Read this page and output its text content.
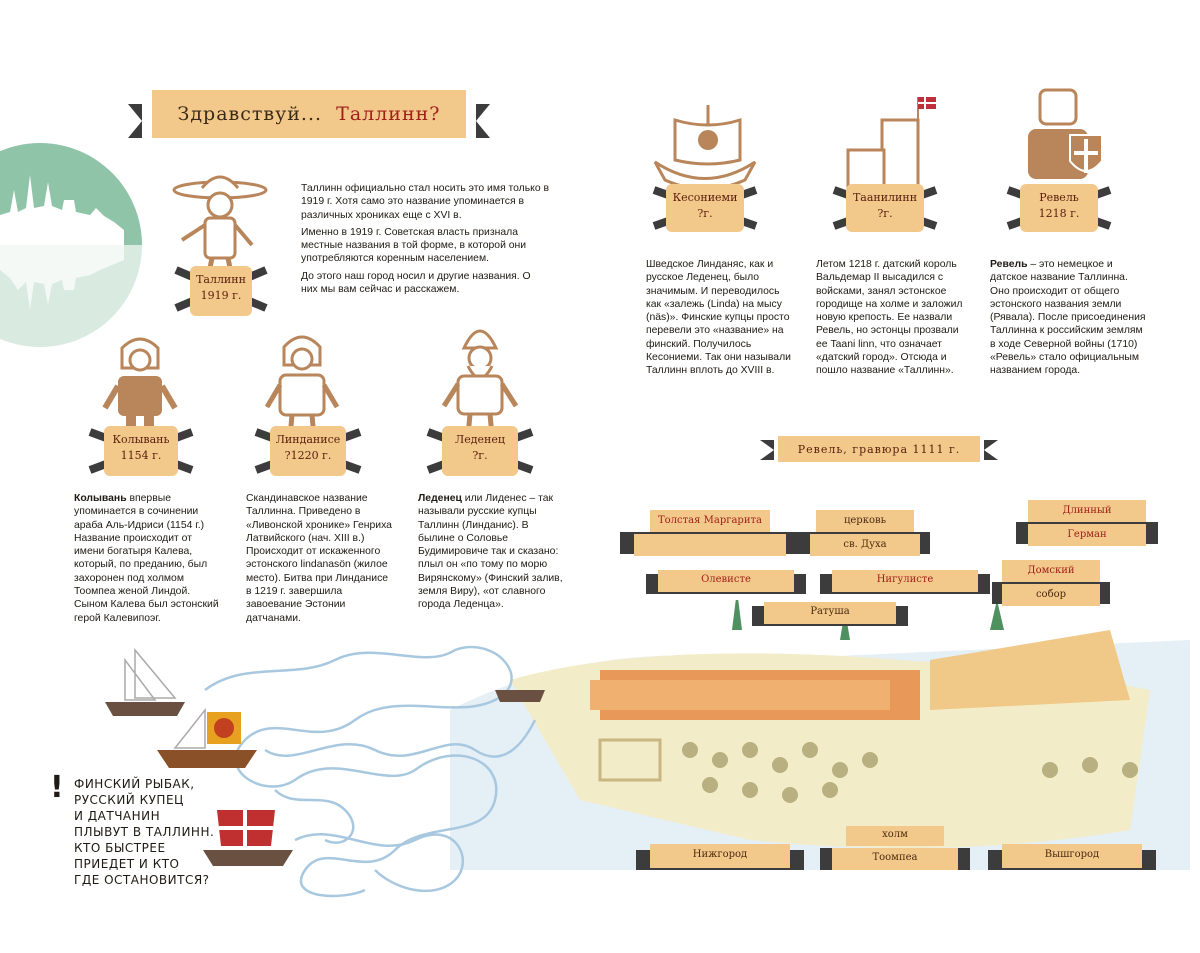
Здравствуй...
Таллинн?

Таллинн официально стал носить это имя только в 1919 г. Хотя само это название упоминается в различных хрониках еще с XVI в.

Именно в 1919 г. Советская власть признала местные названия в той форме, в которой они употребляются коренным населением.

До этого наш город носил и другие названия. О них мы вам сейчас и расскажем.

Таллинн
1919 г.
Колывань
1154 г.
Линданисе
?1220 г.
Леденец
?г.
Колывань впервые упоминается в сочинении араба Аль-Идриси (1154 г.) Название происходит от имени богатыря Калева, который, по преданию, был захоронен под холмом Тоомпеа женой Линдой. Сыном Калева был эстонский герой Калевипоэг.
Скандинавское название Таллинна. Приведено в «Ливонской хронике» Генриха Латвийского (нач. XIII в.) Происходит от искаженного эстонского lindanasön (жилое место). Битва при Линданисе в 1219 г. завершила завоевание Эстонии датчанами.
Леденец или Лиденес – так называли русские купцы Таллинн (Линданис). В былине о Соловье Будимировиче так и сказано: плыл он «по тому по морю Вирянскому» (Финский залив, земля Виру), «от славного города Леденца».
Кесониеми
?г.
Таанилинн
?г.
Ревель
1218 г.
Шведское Линданяс, как и русское Леденец, было значимым. И переводилось как «залежь (Linda) на мысу (näs)». Финские купцы просто перевели это «название» на финский. Получилось Кесониеми. Так они называли Таллинн вплоть до XVIII в.
Летом 1218 г. датский король Вальдемар II высадился с войсками, занял эстонское городище на холме и заложил новую крепость. Ее назвали Ревель, но эстонцы прозвали ее Taani linn, что означает «датский город». Отсюда и пошло название «Таллинн».
Ревель – это немецкое и датское название Таллинна. Оно происходит от общего эстонского названия земли (Рявала). После присоединения Таллинна к российским землям в ходе Северной войны (1710) «Ревель» стало официальным названием города.
Ревель, гравюра 1111 г.
Толстая Маргарита	церковь
св. Духа
Длинный
Герман
Олевисте	Нигулисте
Домский
собор
Ратуша
Нижгород
холм
Тоомпеа	Вышгород
! ФИНСКИЙ РЫБАК,
РУССКИЙ КУПЕЦ
И ДАТЧАНИН
ПЛЫВУТ В ТАЛЛИНН.
КТО БЫСТРЕЕ
ПРИЕДЕТ И КТО
ГДЕ ОСТАНОВИТСЯ?
